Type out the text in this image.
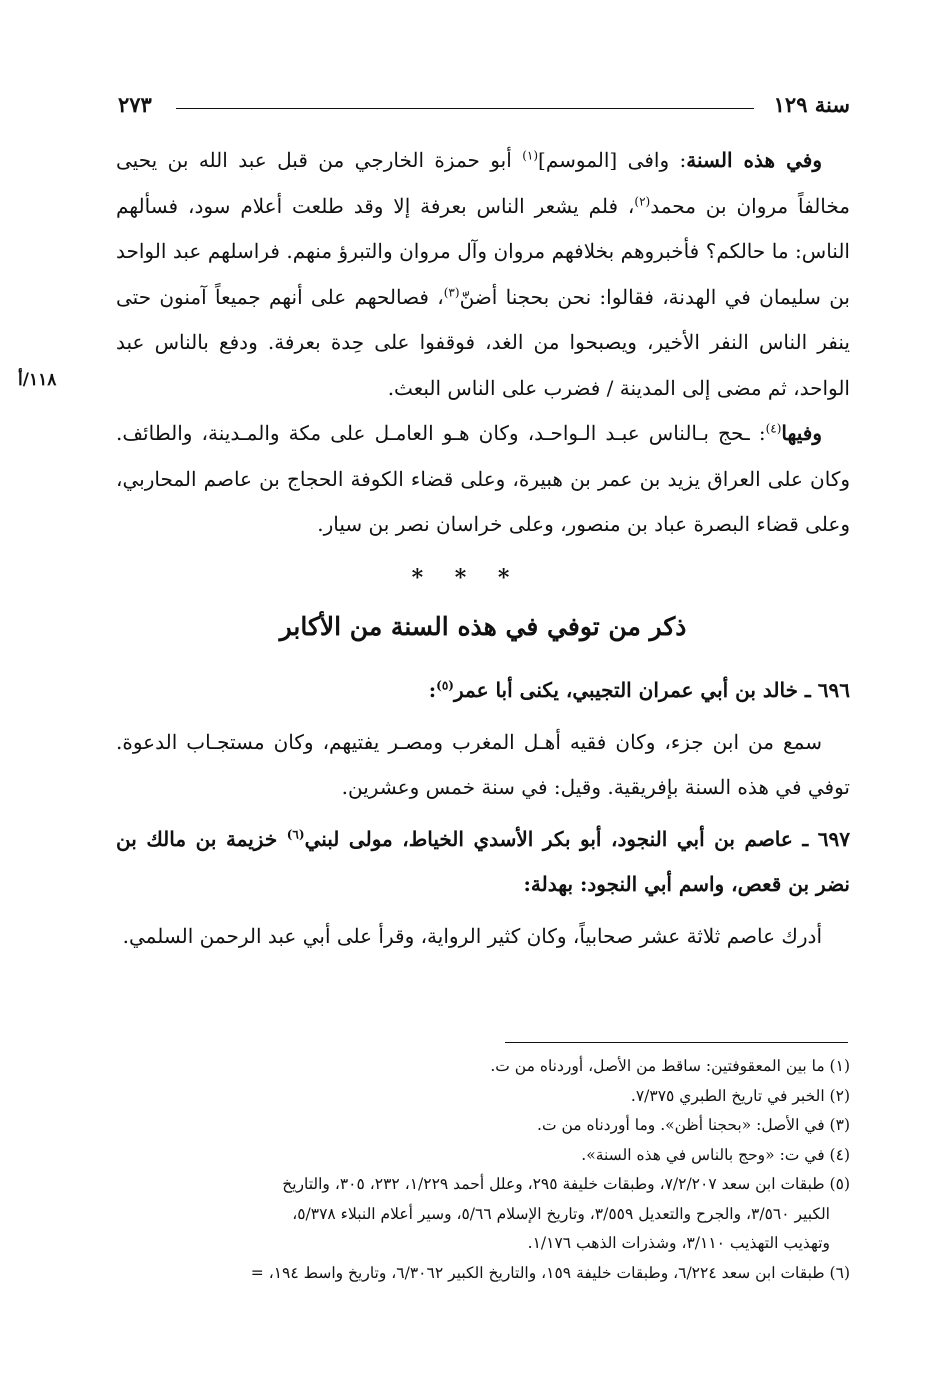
سنة ١٢٩
٢٧٣
١١٨/أ

وفي هذه السنة: وافى [الموسم]$^{(١)}$ أبو حمزة الخارجي من قبل عبد الله بن يحيى مخالفاً مروان بن محمد$^{(٢)}$، فلم يشعر الناس بعرفة إلا وقد طلعت أعلام سود، فسألهم الناس: ما حالكم؟ فأخبروهم بخلافهم مروان وآل مروان والتبرؤ منهم. فراسلهم عبد الواحد بن سليمان في الهدنة، فقالوا: نحن بحجنا أضنّ$^{(٣)}$، فصالحهم على أنهم جميعاً آمنون حتى ينفر الناس النفر الأخير، ويصبحوا من الغد، فوقفوا على حِدة بعرفة. ودفع بالناس عبد الواحد، ثم مضى إلى المدينة / فضرب على الناس البعث.

وفيها$^{(٤)}$: ـحج بـالناس عبـد الـواحـد، وكان هـو العامـل على مكة والمـدينة، والطائف. وكان على العراق يزيد بن عمر بن هبيرة، وعلى قضاء الكوفة الحجاج بن عاصم المحاربي، وعلى قضاء البصرة عباد بن منصور، وعلى خراسان نصر بن سيار.

* * *
ذكر من توفي في هذه السنة من الأكابر

٦٩٦ ـ خالد بن أبي عمران التجيبي، يكنى أبا عمر$^{(٥)}$:

سمع من ابن جزء، وكان فقيه أهـل المغرب ومصـر يفتيهم، وكان مستجـاب الدعوة. توفي في هذه السنة بإفريقية. وقيل: في سنة خمس وعشرين.

٦٩٧ ـ عاصم بن أبي النجود، أبو بكر الأسدي الخياط، مولى لبني$^{(٦)}$ خزيمة بن مالك بن نضر بن قعص، واسم أبي النجود: بهدلة:

أدرك عاصم ثلاثة عشر صحابياً، وكان كثير الرواية، وقرأ على أبي عبد الرحمن السلمي.

(١) ما بين المعقوفتين: ساقط من الأصل، أوردناه من ت.

(٢) الخبر في تاريخ الطبري ٧/٣٧٥.

(٣) في الأصل: «بحجنا أظن». وما أوردناه من ت.

(٤) في ت: «وحج بالناس في هذه السنة».

(٥) طبقات ابن سعد ٧/٢/٢٠٧، وطبقات خليفة ٢٩٥، وعلل أحمد ١/٢٢٩، ٢٣٢، ٣٠٥، والتاريخ

الكبير ٣/٥٦٠، والجرح والتعديل ٣/٥٥٩، وتاريخ الإسلام ٥/٦٦، وسير أعلام النبلاء ٥/٣٧٨،

وتهذيب التهذيب ٣/١١٠، وشذرات الذهب ١/١٧٦.

(٦) طبقات ابن سعد ٦/٢٢٤، وطبقات خليفة ١٥٩، والتاريخ الكبير ٦/٣٠٦٢، وتاريخ واسط ١٩٤، =
